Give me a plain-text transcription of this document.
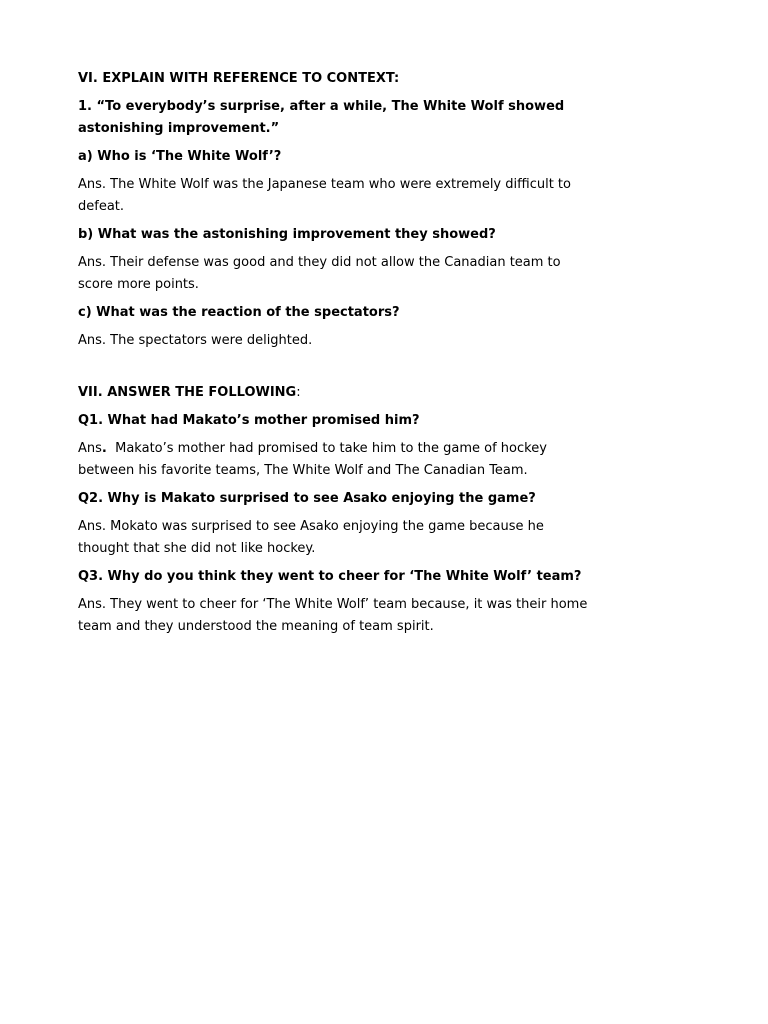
VI. EXPLAIN WITH REFERENCE TO CONTEXT:
1. “To everybody’s surprise, after a while, The White Wolf showed astonishing improvement.”
a) Who is ‘The White Wolf’?
Ans. The White Wolf was the Japanese team who were extremely difficult to defeat.
b) What was the astonishing improvement they showed?
Ans. Their defense was good and they did not allow the Canadian team to score more points.
c) What was the reaction of the spectators?
Ans. The spectators were delighted.
VII. ANSWER THE FOLLOWING:
Q1. What had Makato’s mother promised him?
Ans.  Makato’s mother had promised to take him to the game of hockey between his favorite teams, The White Wolf and The Canadian Team.
Q2. Why is Makato surprised to see Asako enjoying the game?
Ans. Mokato was surprised to see Asako enjoying the game because he thought that she did not like hockey.
Q3. Why do you think they went to cheer for ‘The White Wolf’ team?
Ans. They went to cheer for ‘The White Wolf’ team because, it was their home team and they understood the meaning of team spirit.
